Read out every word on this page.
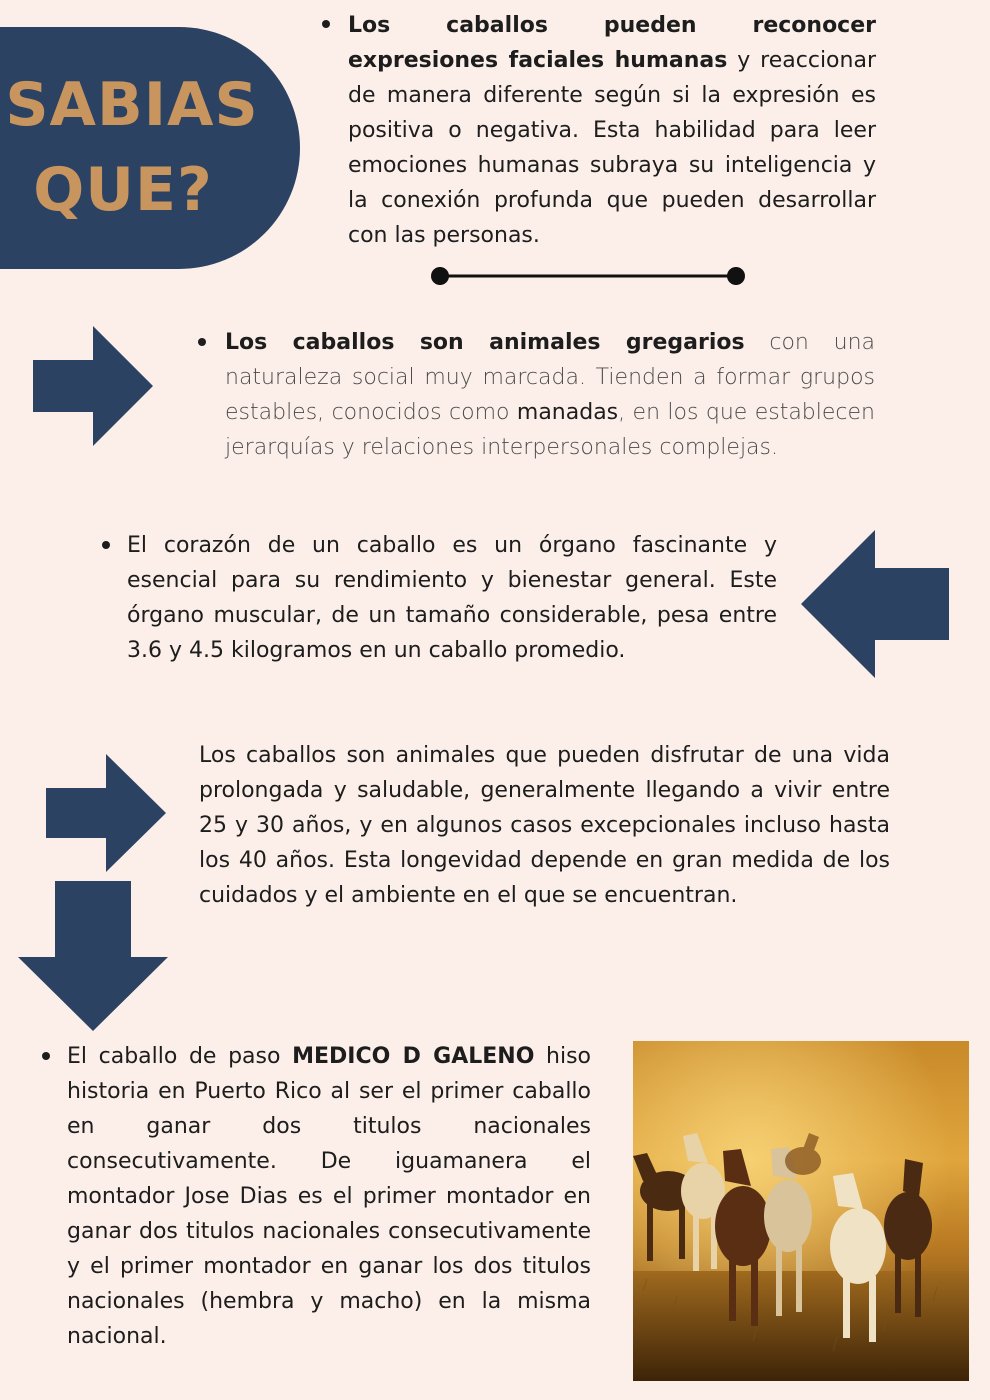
SABIAS
QUE?
Los caballos pueden reconocer expresiones faciales humanas y reaccionar de manera diferente según si la expresión es positiva o negativa. Esta habilidad para leer emociones humanas subraya su inteligencia y la conexión profunda que pueden desarrollar con las personas.
Los caballos son animales gregarios con una naturaleza social muy marcada. Tienden a formar grupos estables, conocidos como manadas, en los que establecen jerarquías y relaciones interpersonales complejas.
El corazón de un caballo es un órgano fascinante y esencial para su rendimiento y bienestar general. Este órgano muscular, de un tamaño considerable, pesa entre 3.6 y 4.5 kilogramos en un caballo promedio.
Los caballos son animales que pueden disfrutar de una vida prolongada y saludable, generalmente llegando a vivir entre 25 y 30 años, y en algunos casos excepcionales incluso hasta los 40 años. Esta longevidad depende en gran medida de los cuidados y el ambiente en el que se encuentran.
El caballo de paso MEDICO D GALENO hiso historia en Puerto Rico al ser el primer caballo en ganar dos titulos nacionales consecutivamente. De iguamanera el montador Jose Dias es el primer montador en ganar dos titulos nacionales consecutivamente y el primer montador en ganar los dos titulos nacionales (hembra y macho) en la misma nacional.
